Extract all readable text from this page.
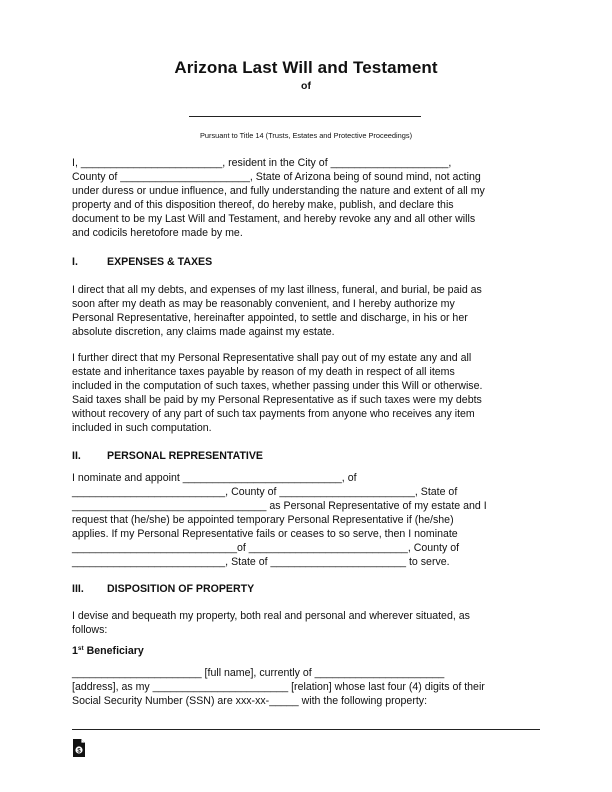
Arizona Last Will and Testament
of
Pursuant to Title 14 (Trusts, Estates and Protective Proceedings)
I, ________________________, resident in the City of ____________________,
County of ______________________, State of Arizona being of sound mind, not acting
under duress or undue influence, and fully understanding the nature and extent of all my
property and of this disposition thereof, do hereby make, publish, and declare this
document to be my Last Will and Testament, and hereby revoke any and all other wills
and codicils heretofore made by me.
I.	EXPENSES & TAXES
I direct that all my debts, and expenses of my last illness, funeral, and burial, be paid as
soon after my death as may be reasonably convenient, and I hereby authorize my
Personal Representative, hereinafter appointed, to settle and discharge, in his or her
absolute discretion, any claims made against my estate.
I further direct that my Personal Representative shall pay out of my estate any and all
estate and inheritance taxes payable by reason of my death in respect of all items
included in the computation of such taxes, whether passing under this Will or otherwise.
Said taxes shall be paid by my Personal Representative as if such taxes were my debts
without recovery of any part of such tax payments from anyone who receives any item
included in such computation.
II. PERSONAL REPRESENTATIVE
I nominate and appoint ___________________________, of
__________________________, County of _______________________, State of
_________________________________ as Personal Representative of my estate and I
request that (he/she) be appointed temporary Personal Representative if (he/she)
applies. If my Personal Representative fails or ceases to so serve, then I nominate
____________________________of ___________________________, County of
__________________________, State of _______________________ to serve.
III. DISPOSITION OF PROPERTY
I devise and bequeath my property, both real and personal and wherever situated, as
follows:
1st Beneficiary
______________________ [full name], currently of ______________________
[address], as my _______________________ [relation] whose last four (4) digits of their
Social Security Number (SSN) are xxx-xx-_____ with the following property:
$
